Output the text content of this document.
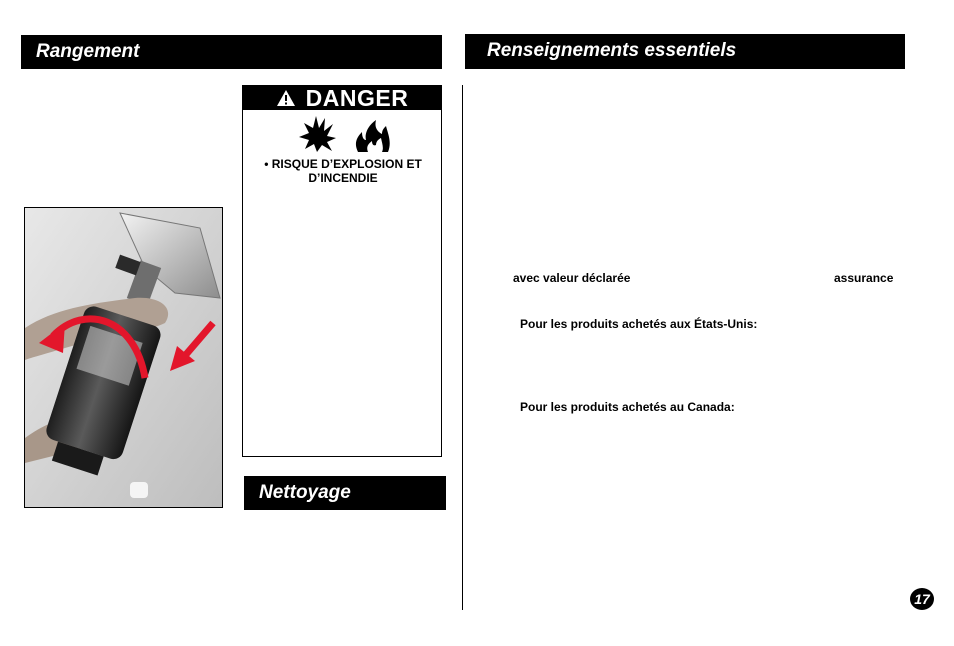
Rangement	Renseignements essentiels
DANGER
• RISQUE D’EXPLOSION ET D’INCENDIE
Nettoyage
avec valeur déclarée	assurance
Pour les produits achetés aux États-Unis:
Pour les produits achetés au Canada:
17
